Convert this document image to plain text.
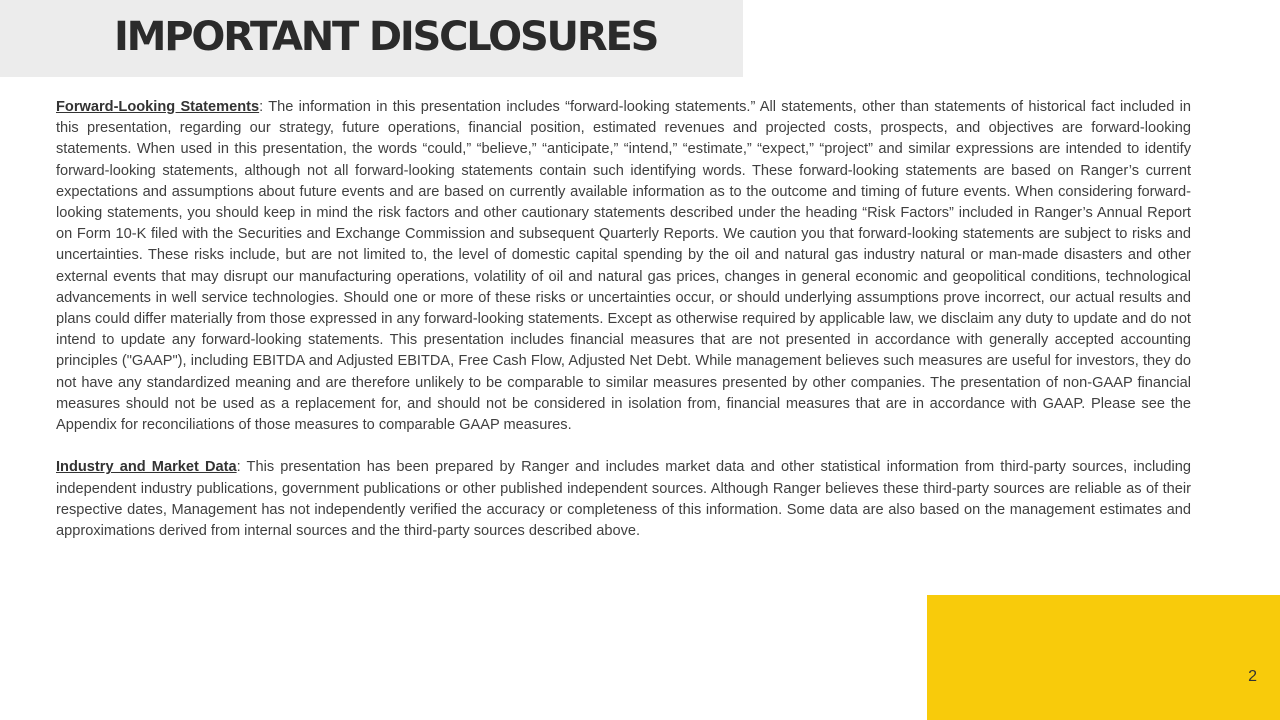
IMPORTANT DISCLOSURES

Forward-Looking Statements: The information in this presentation includes “forward-looking statements.” All statements, other than statements of historical fact included in this presentation, regarding our strategy, future operations, financial position, estimated revenues and projected costs, prospects, and objectives are forward-looking statements. When used in this presentation, the words “could,” “believe,” “anticipate,” “intend,” “estimate,” “expect,” “project” and similar expressions are intended to identify forward-looking statements, although not all forward-looking statements contain such identifying words. These forward-looking statements are based on Ranger’s current expectations and assumptions about future events and are based on currently available information as to the outcome and timing of future events. When considering forward-looking statements, you should keep in mind the risk factors and other cautionary statements described under the heading “Risk Factors” included in Ranger’s Annual Report on Form 10-K filed with the Securities and Exchange Commission and subsequent Quarterly Reports. We caution you that forward-looking statements are subject to risks and uncertainties. These risks include, but are not limited to, the level of domestic capital spending by the oil and natural gas industry natural or man-made disasters and other external events that may disrupt our manufacturing operations, volatility of oil and natural gas prices, changes in general economic and geopolitical conditions, technological advancements in well service technologies. Should one or more of these risks or uncertainties occur, or should underlying assumptions prove incorrect, our actual results and plans could differ materially from those expressed in any forward-looking statements. Except as otherwise required by applicable law, we disclaim any duty to update and do not intend to update any forward-looking statements. This presentation includes financial measures that are not presented in accordance with generally accepted accounting principles ("GAAP"), including EBITDA and Adjusted EBITDA, Free Cash Flow, Adjusted Net Debt. While management believes such measures are useful for investors, they do not have any standardized meaning and are therefore unlikely to be comparable to similar measures presented by other companies. The presentation of non-GAAP financial measures should not be used as a replacement for, and should not be considered in isolation from, financial measures that are in accordance with GAAP. Please see the Appendix for reconciliations of those measures to comparable GAAP measures.

Industry and Market Data: This presentation has been prepared by Ranger and includes market data and other statistical information from third-party sources, including independent industry publications, government publications or other published independent sources. Although Ranger believes these third-party sources are reliable as of their respective dates, Management has not independently verified the accuracy or completeness of this information. Some data are also based on the management estimates and approximations derived from internal sources and the third-party sources described above.

2
